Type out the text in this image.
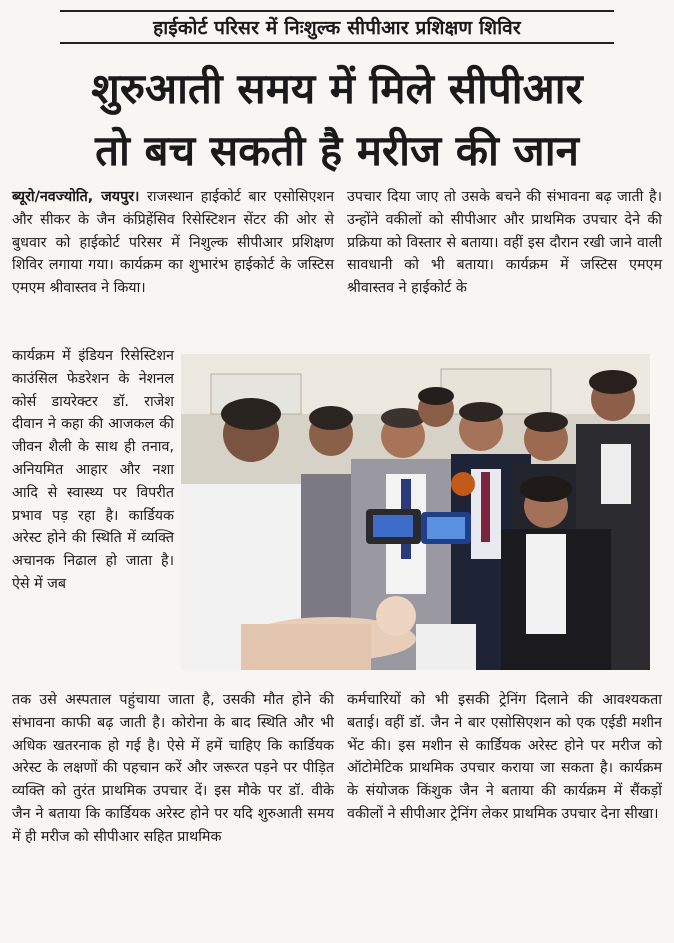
हाईकोर्ट परिसर में निःशुल्क सीपीआर प्रशिक्षण शिविर
शुरुआती समय में मिले सीपीआर
तो बच सकती है मरीज की जान
ब्यूरो/नवज्योति, जयपुर। राजस्थान हाईकोर्ट बार एसोसिएशन और सीकर के जैन कंप्रिहेंसिव रिसेस्टिशन सेंटर की ओर से बुधवार को हाईकोर्ट परिसर में निशुल्क सीपीआर प्रशिक्षण शिविर लगाया गया। कार्यक्रम का शुभारंभ हाईकोर्ट के जस्टिस एमएम श्रीवास्तव ने किया।
उपचार दिया जाए तो उसके बचने की संभावना बढ़ जाती है। उन्होंने वकीलों को सीपीआर और प्राथमिक उपचार देने की प्रक्रिया को विस्तार से बताया। वहीं इस दौरान रखी जाने वाली सावधानी को भी बताया। कार्यक्रम में जस्टिस एमएम श्रीवास्तव ने हाईकोर्ट के
कार्यक्रम में इंडियन रिसेस्टिशन काउंसिल फेडरेशन के नेशनल कोर्स डायरेक्टर डॉ. राजेश दीवान ने कहा की आजकल की जीवन शैली के साथ ही तनाव, अनियमित आहार और नशा आदि से स्वास्थ्य पर विपरीत प्रभाव पड़ रहा है। कार्डियक अरेस्ट होने की स्थिति में व्यक्ति अचानक निढाल हो जाता है। ऐसे में जब
तक उसे अस्पताल पहुंचाया जाता है, उसकी मौत होने की संभावना काफी बढ़ जाती है। कोरोना के बाद स्थिति और भी अधिक खतरनाक हो गई है। ऐसे में हमें चाहिए कि कार्डियक अरेस्ट के लक्षणों की पहचान करें और जरूरत पड़ने पर पीड़ित व्यक्ति को तुरंत प्राथमिक उपचार दें। इस मौके पर डॉ. वीके जैन ने बताया कि कार्डियक अरेस्ट होने पर यदि शुरुआती समय में ही मरीज को सीपीआर सहित प्राथमिक
कर्मचारियों को भी इसकी ट्रेनिंग दिलाने की आवश्यकता बताई। वहीं डॉ. जैन ने बार एसोसिएशन को एक एईडी मशीन भेंट की। इस मशीन से कार्डियक अरेस्ट होने पर मरीज को ऑटोमेटिक प्राथमिक उपचार कराया जा सकता है। कार्यक्रम के संयोजक किंशुक जैन ने बताया की कार्यक्रम में सैंकड़ों वकीलों ने सीपीआर ट्रेनिंग लेकर प्राथमिक उपचार देना सीखा।
